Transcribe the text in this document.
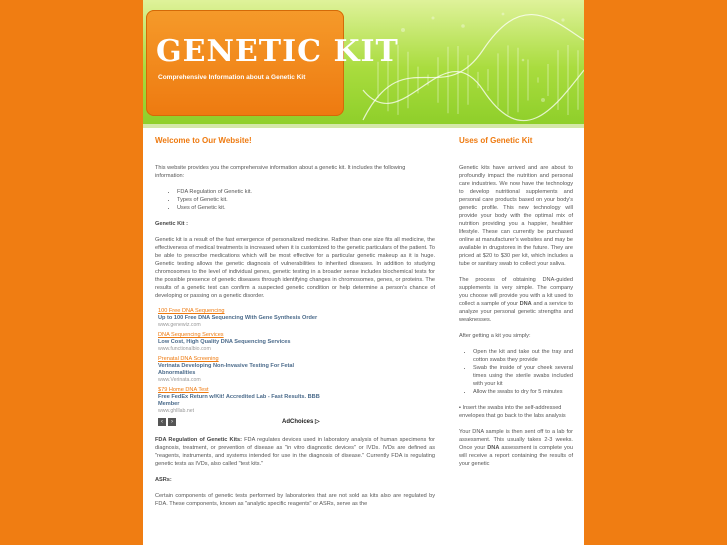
GENETIC KIT
Comprehensive Information about a Genetic Kit
Welcome to Our Website!

This website provides you the comprehensive information about a genetic kit. It includes the following information:

• FDA Regulation of Genetic kit.
• Types of Genetic kit.
• Uses of Genetic kit.

Genetic Kit :

Genetic kit is a result of the fast emergence of personalized medicine. Rather than one size fits all medicine, the effectiveness of medical treatments is increased when it is customized to the genetic particulars of the patient. To be able to prescribe medications which will be most effective for a particular genetic makeup as it is huge. Genetic testing allows the genetic diagnosis of vulnerabilities to inherited diseases. In addition to studying chromosomes to the level of individual genes, genetic testing in a broader sense includes biochemical tests for the possible presence of genetic diseases through identifying changes in chromosomes, genes, or proteins. The results of a genetic test can confirm a suspected genetic condition or help determine a person's chance of developing or passing on a genetic disorder.

100 Free DNA Sequencing
Up to 100 Free DNA Sequencing With Gene Synthesis Order
www.genewiz.com
DNA Sequencing Services
Low Cost, High Quality DNA Sequencing Services
www.functionalbio.com
Prenatal DNA Screening
Verinata Developing Non-Invasive Testing For Fetal Abnormalities
www.Verinata.com
$79 Home DNA Test
Free FedEx Return w/Kit! Accredited Lab - Fast Results. BBB Member
www.ghlllab.net
‹	›	AdChoices ▷

FDA Regulation of Genetic Kits: FDA regulates devices used in laboratory analysis of human specimens for diagnosis, treatment, or prevention of disease as "in vitro diagnostic devices" or IVDs. IVDs are defined as "reagents, instruments, and systems intended for use in the diagnosis of disease." Currently FDA is regulating genetic tests as IVDs, also called "test kits."

ASRs:

Certain components of genetic tests performed by laboratories that are not sold as kits also are regulated by FDA. These components, known as "analytic specific reagents" or ASRs, serve as the

Uses of Genetic Kit

Genetic kits have arrived and are about to profoundly impact the nutrition and personal care industries. We now have the technology to develop nutritional supplements and personal care products based on your body's genetic profile. This new technology will provide your body with the optimal mix of nutrition providing you a happier, healthier lifestyle. These can currently be purchased online at manufacturer's websites and may be available in drugstores in the future. They are priced at $20 to $30 per kit, which includes a tube or sanitary swab to collect your saliva.

The process of obtaining DNA-guided supplements is very simple. The company you choose will provide you with a kit used to collect a sample of your DNA and a service to analyze your personal genetic strengths and weaknesses.

After getting a kit you simply:

• Open the kit and take out the tray and cotton swabs they provide
• Swab the inside of your cheek several times using the sterile swabs included with your kit
• Allow the swabs to dry for 5 minutes

▪ Insert the swabs into the self-addressed envelopes that go back to the labs analysis

Your DNA sample is then sent off to a lab for assessment. This usually takes 2-3 weeks. Once your DNA assessment is complete you will receive a report containing the results of your genetic
